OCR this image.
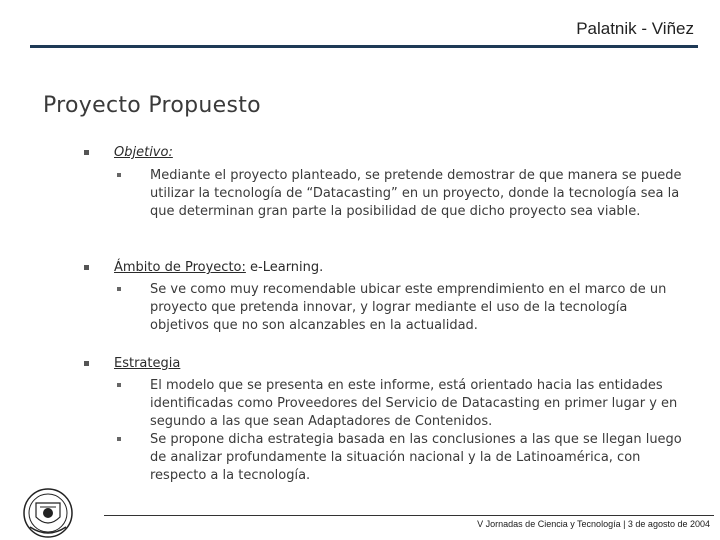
Palatnik - Viñez
Proyecto Propuesto
Objetivo:
Mediante el proyecto planteado, se pretende demostrar de que manera se puede utilizar la tecnología de “Datacasting” en un proyecto, donde la tecnología sea la que determinan gran parte la posibilidad de que dicho proyecto sea viable.
Ámbito de Proyecto: e-Learning.
Se ve como muy recomendable ubicar este emprendimiento en el marco de un proyecto que pretenda innovar, y lograr mediante el uso de la tecnología objetivos que no son alcanzables en la actualidad.
Estrategia
El modelo que se presenta en este informe, está orientado hacia las entidades identificadas como Proveedores del Servicio de Datacasting en primer lugar y en segundo a las que sean Adaptadores de Contenidos.
Se propone dicha estrategia basada en las conclusiones a las que se llegan luego de analizar profundamente la situación nacional y la de Latinoamérica, con respecto a la tecnología.
V Jornadas de Ciencia y Tecnología | 3 de agosto de 2004
